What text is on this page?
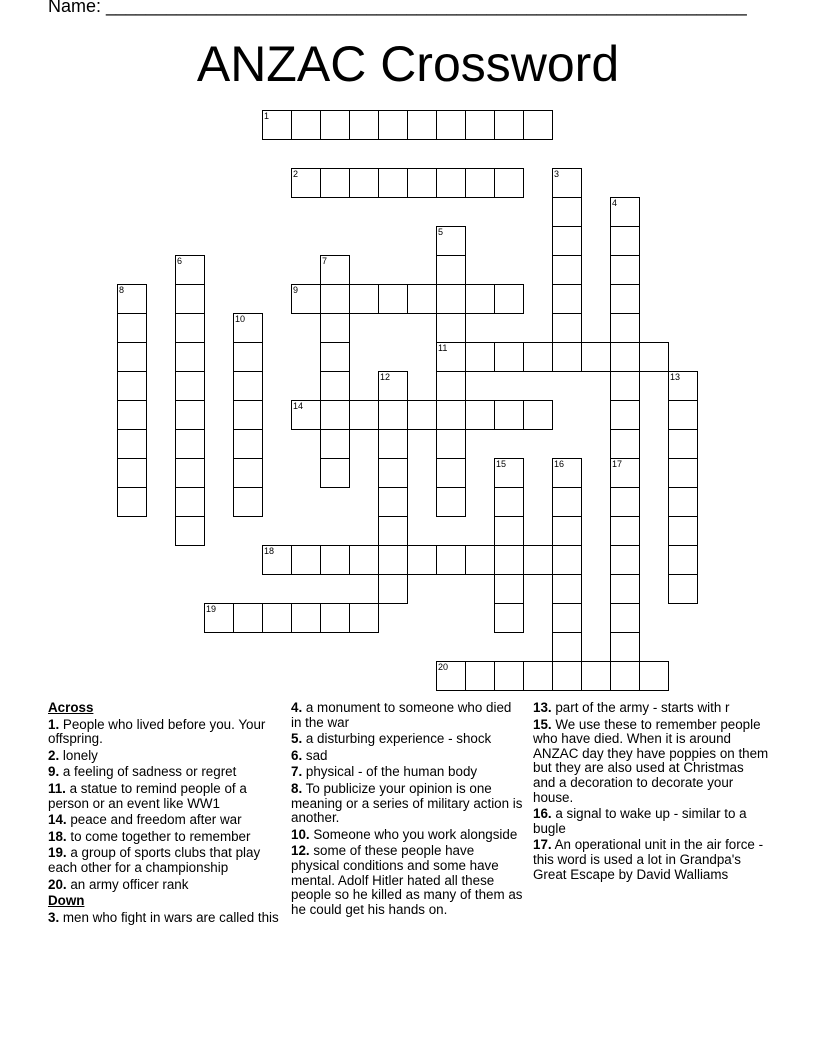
Name: ________________________________________________________________
ANZAC Crossword
1
2	3
4
5
11
6	7
8	9
10
12	13
14
15	16	17
18
19
20
Across
1. People who lived before you. Your offspring.
2. lonely
9. a feeling of sadness or regret
11. a statue to remind people of a person or an event like WW1
14. peace and freedom after war
18. to come together to remember
19. a group of sports clubs that play each other for a championship
20. an army officer rank
Down
3. men who fight in wars are called this
4. a monument to someone who died in the war
5. a disturbing experience - shock
6. sad
7. physical - of the human body
8. To publicize your opinion is one meaning or a series of military action is another.
10. Someone who you work alongside
12. some of these people have physical conditions and some have mental. Adolf Hitler hated all these people so he killed as many of them as he could get his hands on.
13. part of the army - starts with r
15. We use these to remember people who have died. When it is around ANZAC day they have poppies on them but they are also used at Christmas and a decoration to decorate your house.
16. a signal to wake up - similar to a bugle
17. An operational unit in the air force - this word is used a lot in Grandpa's Great Escape by David Walliams
